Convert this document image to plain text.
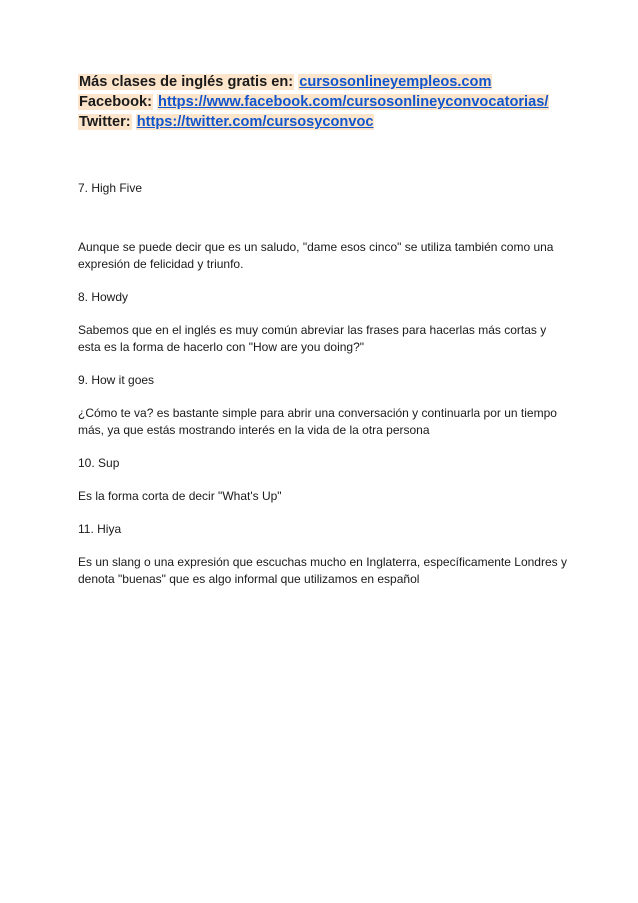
Más clases de inglés gratis en: cursosonlineyempleos.com
Facebook: https://www.facebook.com/cursosonlineyconvocatorias/
Twitter: https://twitter.com/cursosyconvoc

7. High Five

Aunque se puede decir que es un saludo, "dame esos cinco" se utiliza también como una expresión de felicidad y triunfo.

8. Howdy

Sabemos que en el inglés es muy común abreviar las frases para hacerlas más cortas y esta es la forma de hacerlo con "How are you doing?"

9. How it goes

¿Cómo te va? es bastante simple para abrir una conversación y continuarla por un tiempo más, ya que estás mostrando interés en la vida de la otra persona

10. Sup

Es la forma corta de decir "What's Up"

11. Hiya

Es un slang o una expresión que escuchas mucho en Inglaterra, específicamente Londres y denota "buenas" que es algo informal que utilizamos en español
